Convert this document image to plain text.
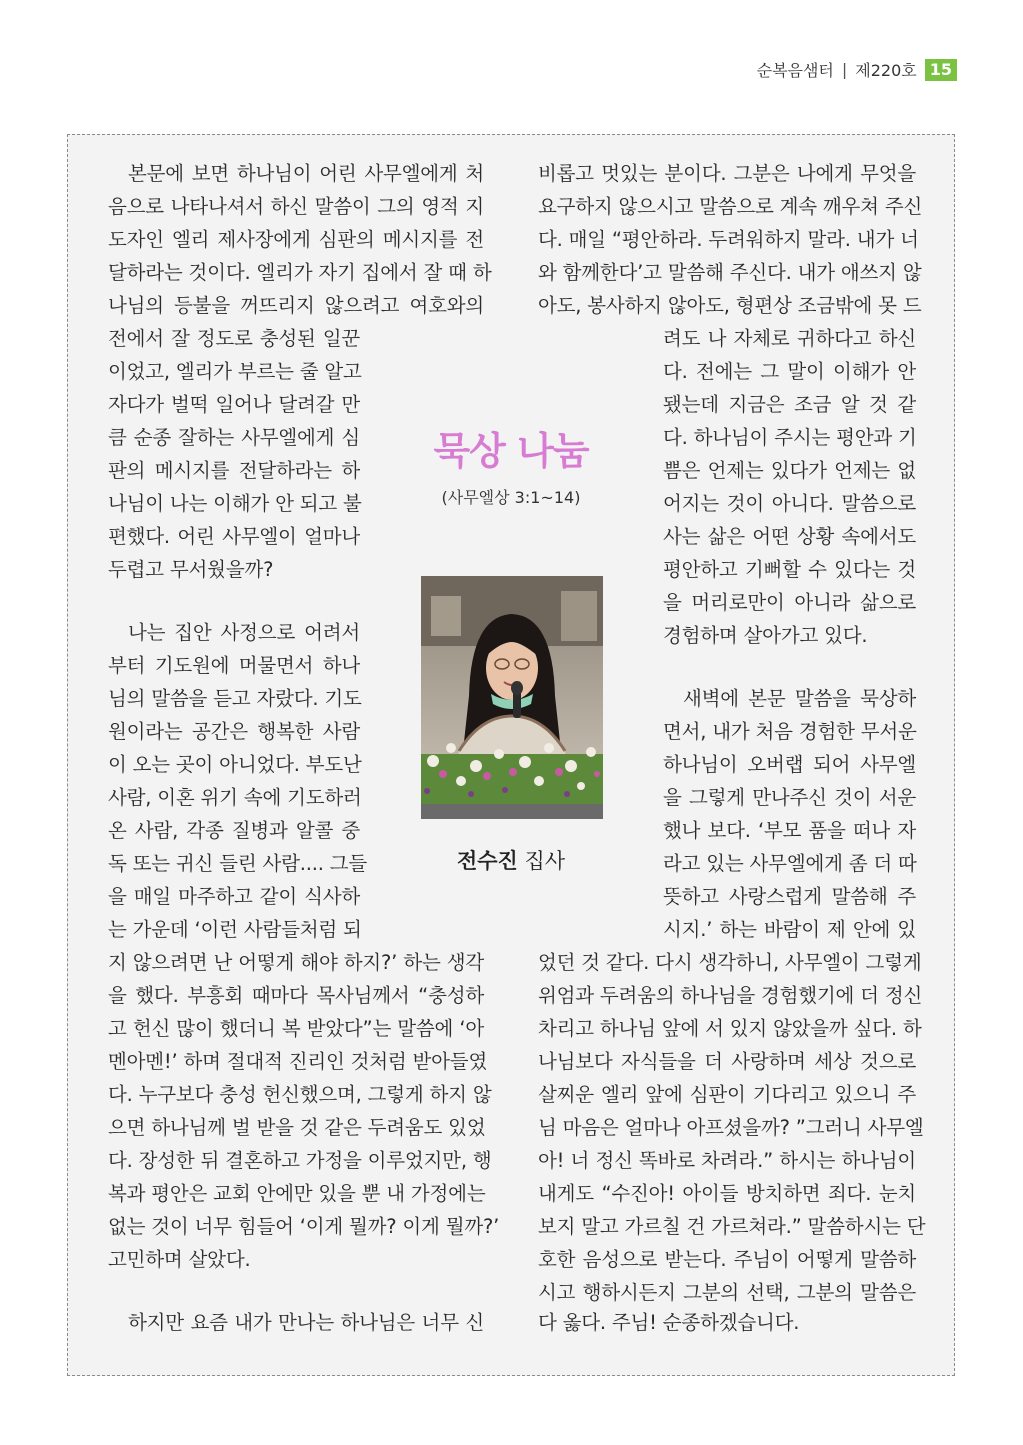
순복음샘터 | 제220호 15
본문에 보면 하나님이 어린 사무엘에게 처
음으로 나타나셔서 하신 말씀이 그의 영적 지
도자인 엘리 제사장에게 심판의 메시지를 전
달하라는 것이다. 엘리가 자기 집에서 잘 때 하
나님의 등불을 꺼뜨리지 않으려고 여호와의
전에서 잘 정도로 충성된 일꾼
이었고, 엘리가 부르는 줄 알고
자다가 벌떡 일어나 달려갈 만
큼 순종 잘하는 사무엘에게 심
판의 메시지를 전달하라는 하
나님이 나는 이해가 안 되고 불
편했다. 어린 사무엘이 얼마나
두렵고 무서웠을까?
나는 집안 사정으로 어려서
부터 기도원에 머물면서 하나
님의 말씀을 듣고 자랐다. 기도
원이라는 공간은 행복한 사람
이 오는 곳이 아니었다. 부도난
사람, 이혼 위기 속에 기도하러
온 사람, 각종 질병과 알콜 중
독 또는 귀신 들린 사람.... 그들
을 매일 마주하고 같이 식사하
는 가운데 ‘이런 사람들처럼 되
지 않으려면 난 어떻게 해야 하지?’ 하는 생각
을 했다. 부흥회 때마다 목사님께서 “충성하
고 헌신 많이 했더니 복 받았다”는 말씀에 ‘아
멘아멘!’ 하며 절대적 진리인 것처럼 받아들였
다. 누구보다 충성 헌신했으며, 그렇게 하지 않
으면 하나님께 벌 받을 것 같은 두려움도 있었
다. 장성한 뒤 결혼하고 가정을 이루었지만, 행
복과 평안은 교회 안에만 있을 뿐 내 가정에는
없는 것이 너무 힘들어 ‘이게 뭘까? 이게 뭘까?’
고민하며 살았다.
하지만 요즘 내가 만나는 하나님은 너무 신
비롭고 멋있는 분이다. 그분은 나에게 무엇을
요구하지 않으시고 말씀으로 계속 깨우쳐 주신
다. 매일 “평안하라. 두려워하지 말라. 내가 너
와 함께한다’고 말씀해 주신다. 내가 애쓰지 않
아도, 봉사하지 않아도, 형편상 조금밖에 못 드
려도 나 자체로 귀하다고 하신
다. 전에는 그 말이 이해가 안
됐는데 지금은 조금 알 것 같
다. 하나님이 주시는 평안과 기
쁨은 언제는 있다가 언제는 없
어지는 것이 아니다. 말씀으로
사는 삶은 어떤 상황 속에서도
평안하고 기뻐할 수 있다는 것
을 머리로만이 아니라 삶으로
경험하며 살아가고 있다.
새벽에 본문 말씀을 묵상하
면서, 내가 처음 경험한 무서운
하나님이 오버랩 되어 사무엘
을 그렇게 만나주신 것이 서운
했나 보다. ‘부모 품을 떠나 자
라고 있는 사무엘에게 좀 더 따
뜻하고 사랑스럽게 말씀해 주
시지.’ 하는 바람이 제 안에 있
었던 것 같다. 다시 생각하니, 사무엘이 그렇게
위엄과 두려움의 하나님을 경험했기에 더 정신
차리고 하나님 앞에 서 있지 않았을까 싶다. 하
나님보다 자식들을 더 사랑하며 세상 것으로
살찌운 엘리 앞에 심판이 기다리고 있으니 주
님 마음은 얼마나 아프셨을까? ”그러니 사무엘
아! 너 정신 똑바로 차려라.” 하시는 하나님이
내게도 “수진아! 아이들 방치하면 죄다. 눈치
보지 말고 가르칠 건 가르쳐라.” 말씀하시는 단
호한 음성으로 받는다. 주님이 어떻게 말씀하
시고 행하시든지 그분의 선택, 그분의 말씀은
다 옳다. 주님! 순종하겠습니다.
묵상 나눔
(사무엘상 3:1~14)
전수진 집사
